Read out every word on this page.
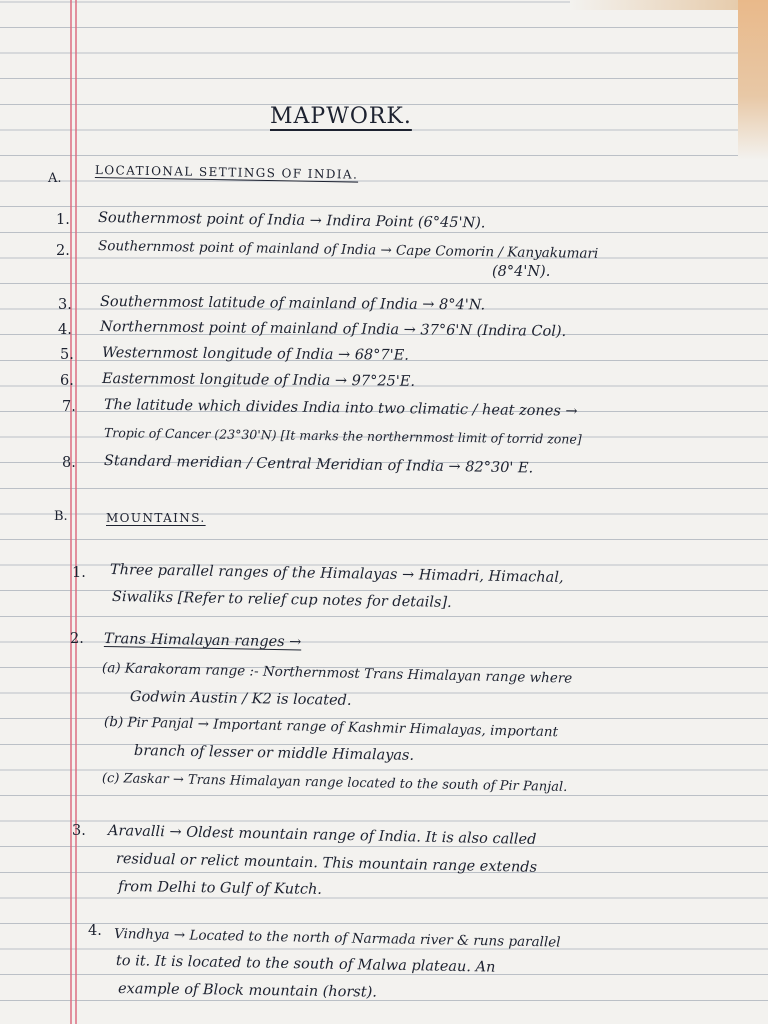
MAPWORK.
A.	LOCATIONAL SETTINGS OF INDIA.
1. Southernmost point of India → Indira Point (6°45'N).
2. Southernmost point of mainland of India → Cape Comorin / Kanyakumari
(8°4'N).
3. Southernmost latitude of mainland of India → 8°4'N.
4. Northernmost point of mainland of India → 37°6'N (Indira Col).
5. Westernmost longitude of India → 68°7'E.
6. Easternmost longitude of India → 97°25'E.
7. The latitude which divides India into two climatic / heat zones →
Tropic of Cancer (23°30'N) [It marks the northernmost limit of torrid zone]
8. Standard meridian / Central Meridian of India → 82°30' E.
B.	MOUNTAINS.
1. Three parallel ranges of the Himalayas → Himadri, Himachal,
Siwaliks [Refer to relief cup notes for details].
2. Trans Himalayan ranges →
(a) Karakoram range :- Northernmost Trans Himalayan range where
Godwin Austin / K2 is located.
(b) Pir Panjal → Important range of Kashmir Himalayas, important
branch of lesser or middle Himalayas.
(c) Zaskar → Trans Himalayan range located to the south of Pir Panjal.
3. Aravalli → Oldest mountain range of India. It is also called
residual or relict mountain. This mountain range extends
from Delhi to Gulf of Kutch.
4. Vindhya → Located to the north of Narmada river & runs parallel
to it. It is located to the south of Malwa plateau. An
example of Block mountain (horst).
